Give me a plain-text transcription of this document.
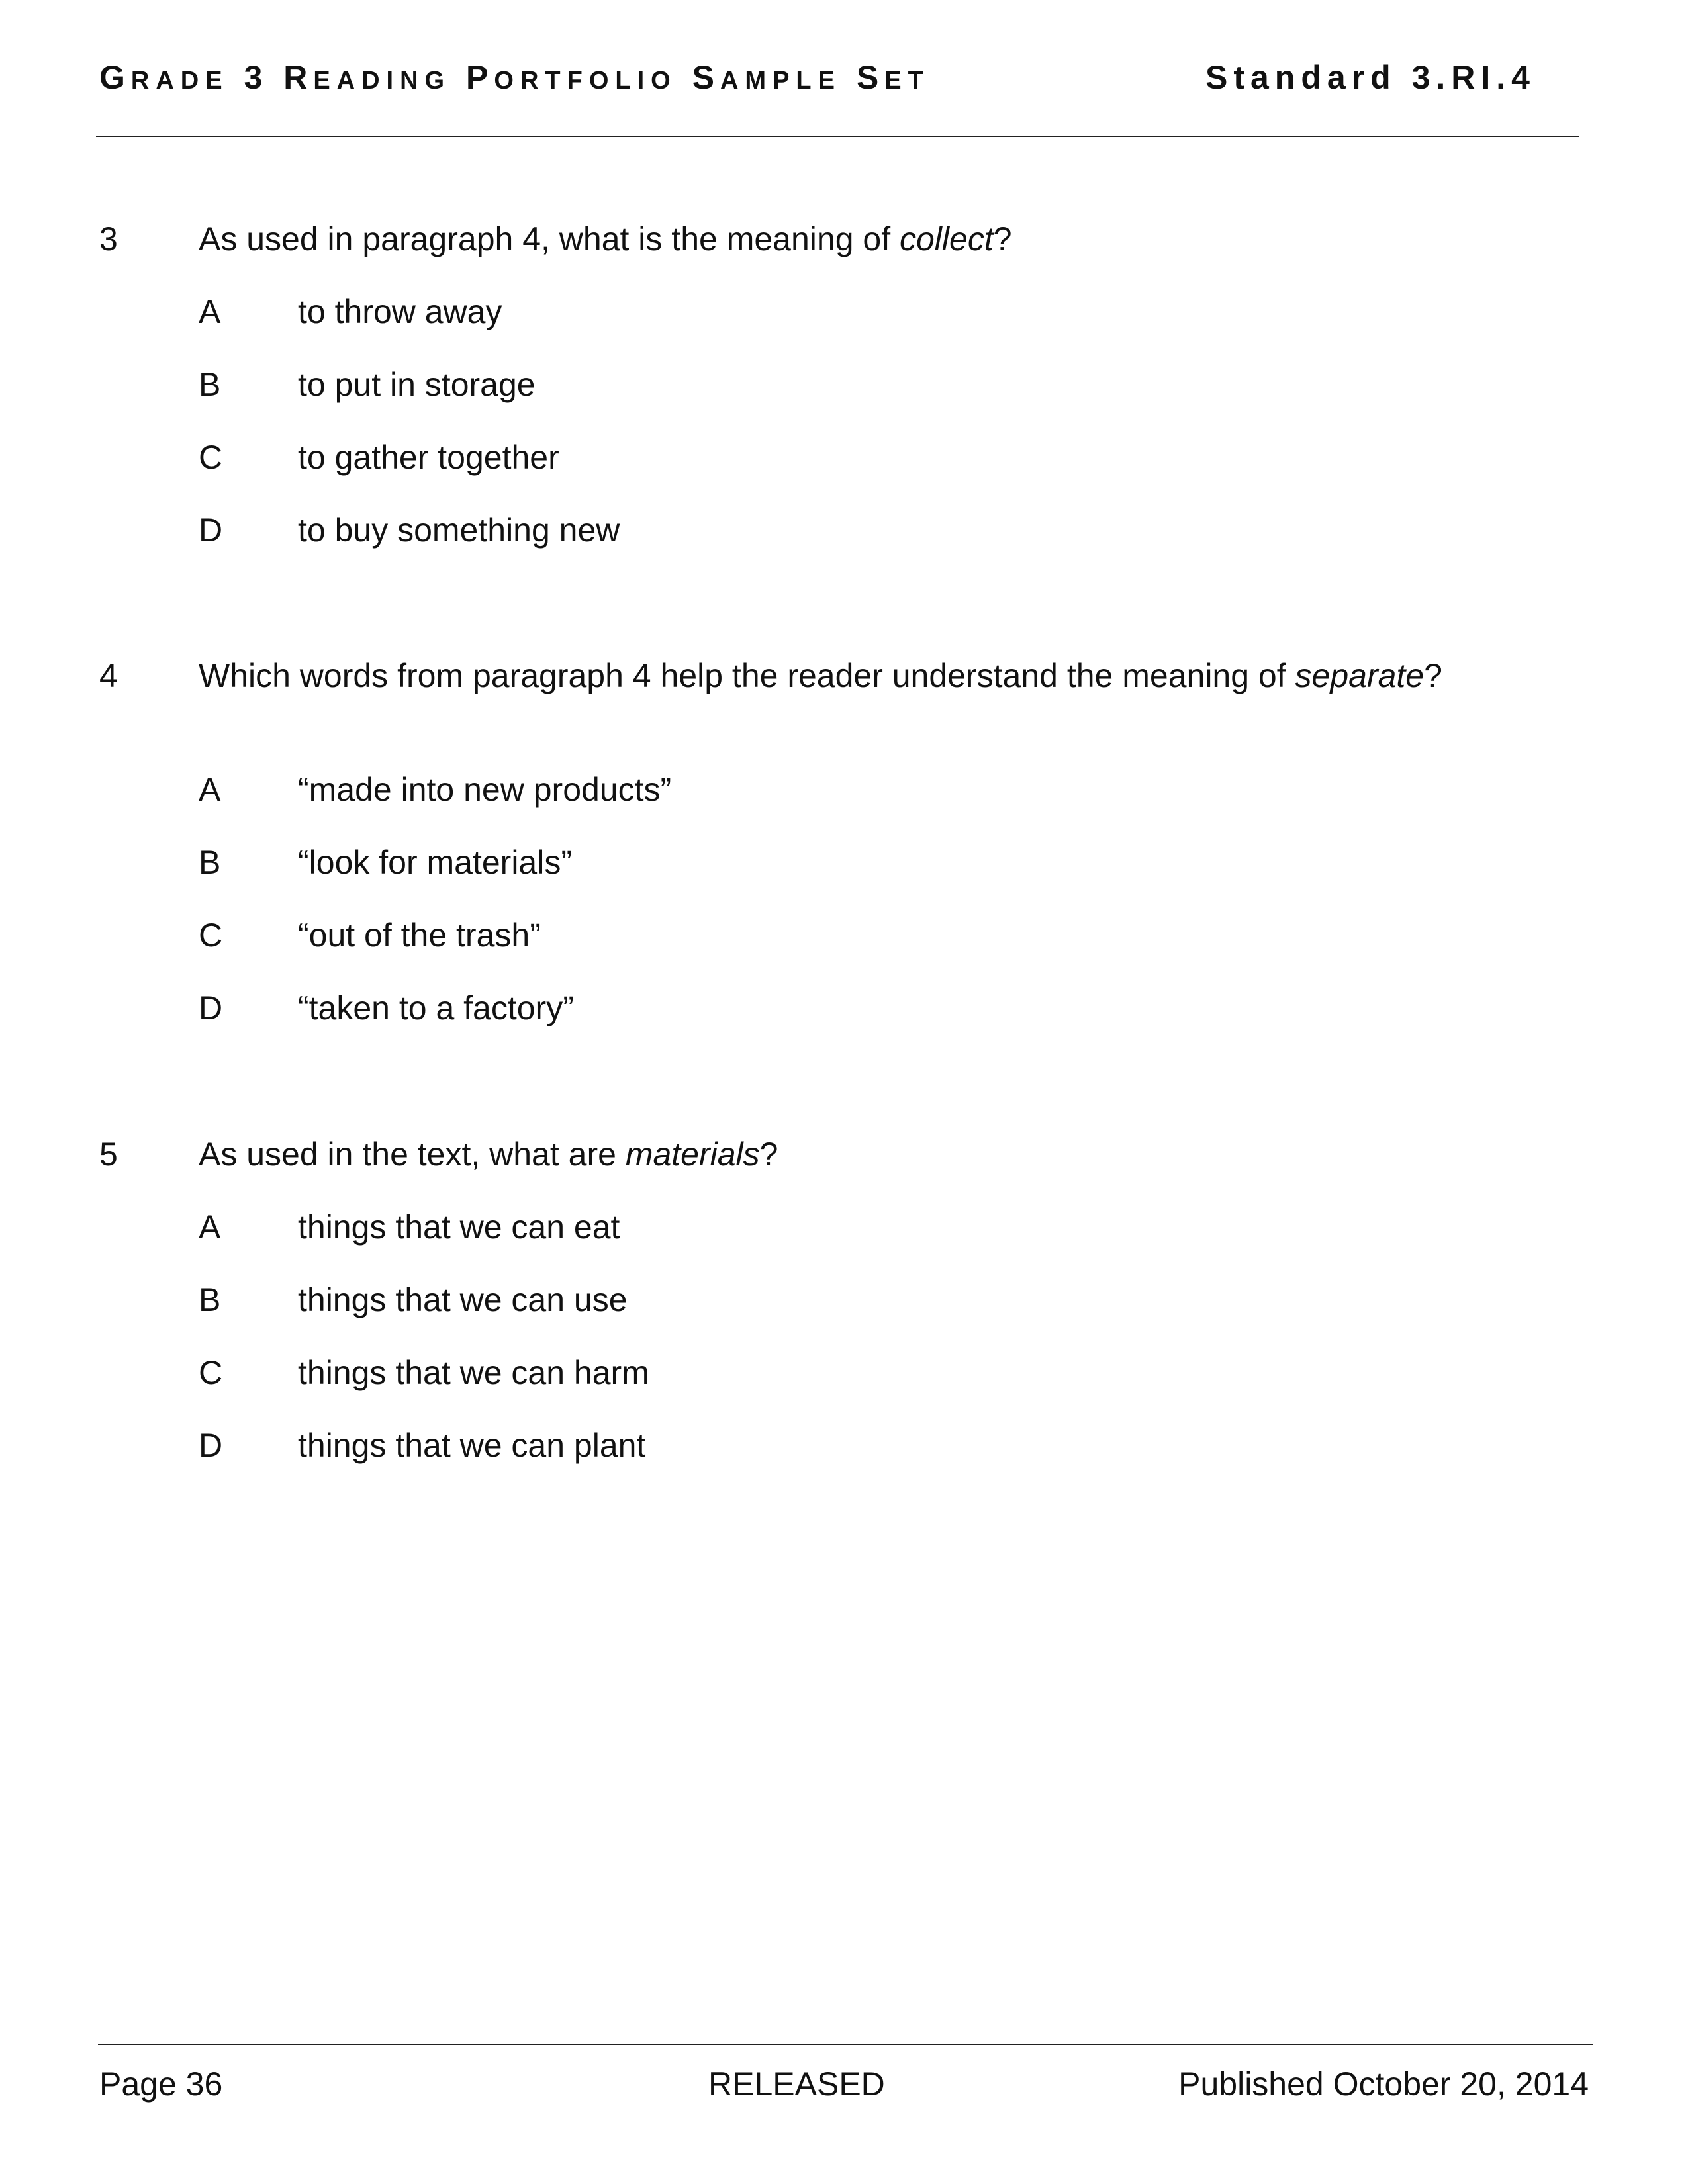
GRADE 3 READING PORTFOLIO SAMPLE SET	Standard 3.RI.4
3 As used in paragraph 4, what is the meaning of collect?
A to throw away
B to put in storage
C to gather together
D to buy something new
4 Which words from paragraph 4 help the reader understand the meaning of separate?
A “made into new products”
B “look for materials”
C “out of the trash”
D “taken to a factory”
5 As used in the text, what are materials?
A things that we can eat
B things that we can use
C things that we can harm
D things that we can plant
Page 36	RELEASED	Published October 20, 2014
